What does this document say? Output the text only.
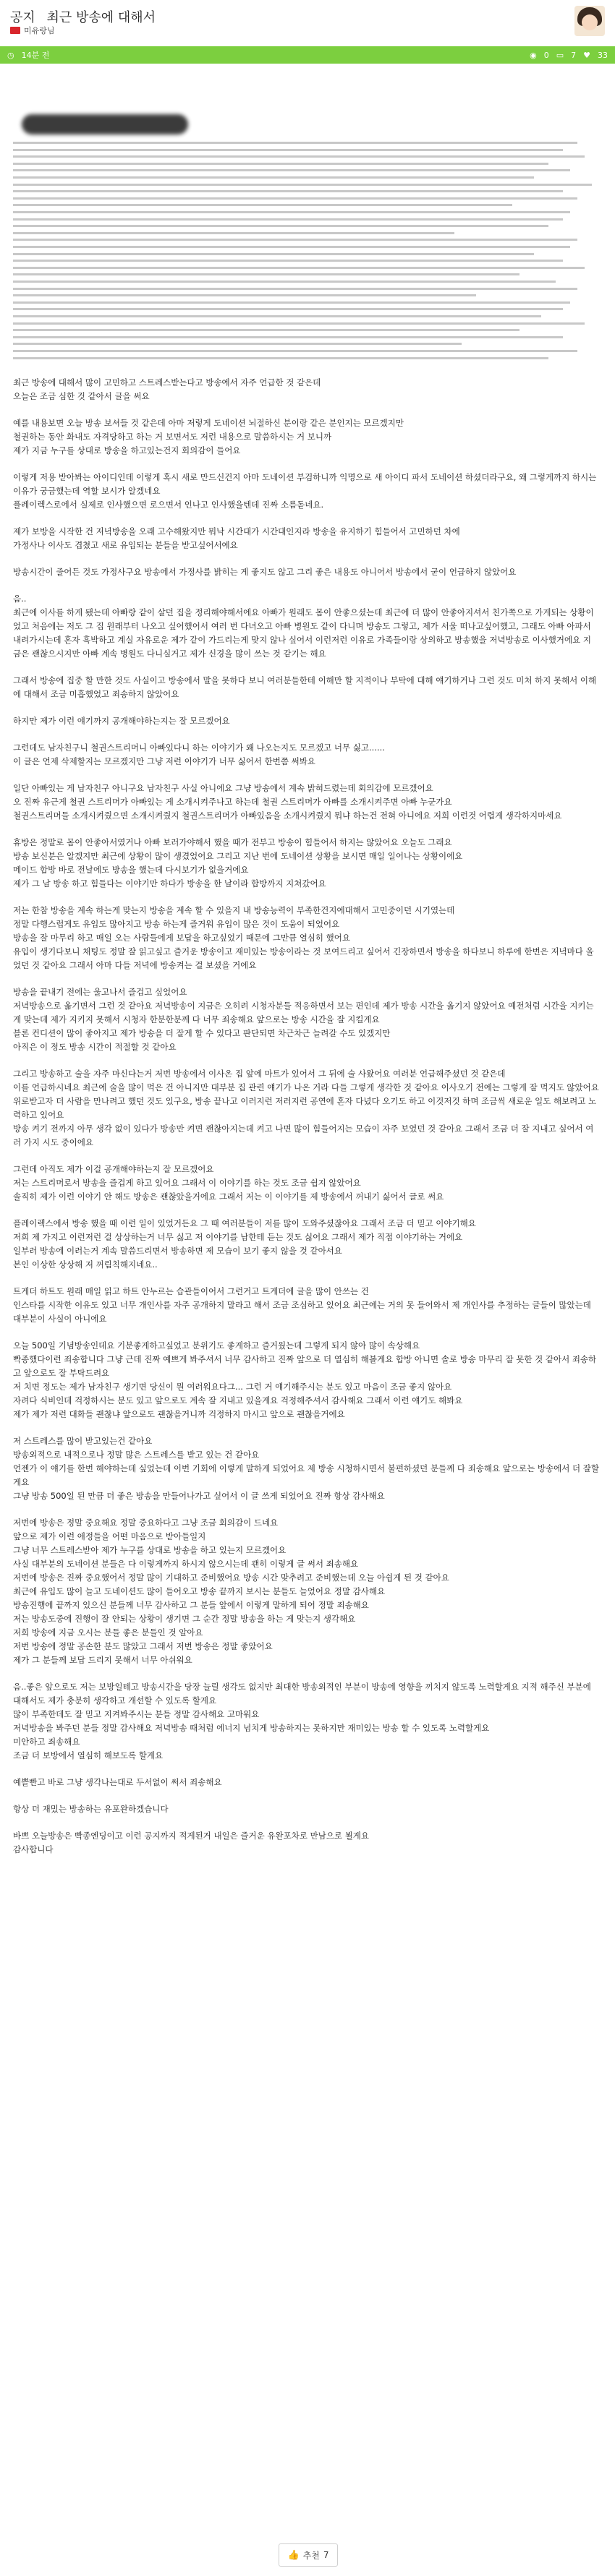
공지 최근 방송에 대해서
미유랑님
◷ 14분 전	◉ 0 ▭ 7 ♥ 33

최근 방송에 대해서 많이 고민하고 스트레스받는다고 방송에서 자주 언급한 것 같은데
오늘은 조금 심한 것 같아서 글을 써요

예를 내용보면 오늘 방송 보셔들 것 같은데 아마 저렇게 도네이션 뇌절하신 분이랑 같은 분인지는 모르겠지만
철권하는 동안 화내도 자격당하고 하는 거 보면서도 저런 내용으로 말씀하시는 거 보니까
제가 지금 누구를 상대로 방송을 하고있는건지 회의감이 들어요

이렇게 저용 받아봐는 아이디인데 이렇게 혹시 새로 만드신건지 아마 도네이션 부검하니까 익명으로 새 아이디 파서 도네이션 하셨더라구요, 왜 그렇게까지 하시는 이유가 궁금했는데 역할 보시가 알겠네요
플레이렉스로에서 실제로 인사했으면 로으면서 인나고 인사했을텐데 진짜 소름돋네요.

제가 보방을 시작한 건 저녁방송을 오래 고수해왔지만 뭐낙 시간대가 시간대인지라 방송을 유지하기 힘들어서 고민하던 차에
가정사나 이사도 겹쳤고 새로 유입되는 분들을 받고싶어서에요

방송시간이 줄어든 것도 가정사구요 방송에서 가정사를 밝히는 게 좋지도 않고 그리 좋은 내용도 아니어서 방송에서 굳이 언급하지 않았어요

음..
최근에 이사를 하게 됐는데 아빠랑 같이 살던 집을 정리해야해서에요 아빠가 원래도 몸이 안좋으셨는데 최근에 더 많이 안좋아지셔서 친가쪽으로 가게되는 상황이었고 처음에는 저도 그 집 원래부터 나오고 싶어했어서 여러 번 다녀오고 아빠 병원도 같이 다니며 방송도 그렇고, 제가 서울 떠나고싶어했고, 그래도 아빠 아파서 내려가시는데 혼자 흑박하고 계실 자유로운 제가 같이 가드리는게 맞지 않나 싶어서 이런저런 이유로 가족들이랑 상의하고 방송했을 저녁방송로 이사했거에요 지금은 괜찮으시지만 아빠 계속 병원도 다니실거고 제가 신경을 많이 쓰는 것 같기는 해요

그래서 방송에 집중 할 만한 것도 사실이고 방송에서 말을 못하다 보니 여러분들한테 이해만 할 지적이나 부탁에 대해 얘기하거나 그런 것도 미처 하지 못해서 이해에 대해서 조금 미흡했었고 죄송하지 않았어요

하지만 제가 이런 얘기까지 공개해야하는지는 잘 모르겠어요

그런데도 남자친구니 철권스트리머니 아빠있다니 하는 이야기가 왜 나오는지도 모르겠고 너무 싫고......
이 글은 언제 삭제할지는 모르겠지만 그냥 저런 이야기가 너무 싫어서 한번쯤 써봐요

일단 아빠있는 게 남자친구 아니구요 남자친구 사실 아니에요 그냥 방송에서 계속 밝혀드렸는데 회의감에 모르겠어요
오 진짜 유근게 철권 스트리머가 아빠있는 게 소개시켜주나고 하는데 철권 스트리머가 아빠를 소개시켜주면 아빠 누군가요
철권스트리머들 소개시켜줬으면 소개시켜줬지 철권스트리머가 아빠있음을 소개시켜줬지 뭐냐 하는건 전혀 아니에요 저희 이런것 어렵게 생각하지마세요

휴방은 정말로 몸이 안좋아서였거나 아빠 보러가야해서 했을 때가 전부고 방송이 힘들어서 하지는 않았어요 오늘도 그래요
방송 보신분은 알겠지만 최근에 상황이 많이 생겼었어요 그리고 지난 번에 도네이션 상황을 보시면 매일 일어나는 상황이에요
메이드 합방 바로 전날에도 방송을 했는데 다시보기가 없을거에요
제가 그 날 방송 하고 힘들다는 이야기만 하다가 방송을 한 날이라 합방까지 지쳐갔어요

저는 한참 방송을 계속 하는게 맞는지 방송을 계속 할 수 있을지 내 방송능력이 부족한건지에대해서 고민중이던 시기였는데
정말 다행스럽게도 유입도 많아지고 방송 하는게 즐거워 유입이 많은 것이 도움이 되었어요
방송을 잘 마무리 하고 매일 오는 사람들에게 보답을 하고싶었기 때문에 그만큼 열심히 했어요
유입이 생기다보니 채팅도 정말 잘 읽고싶고 즐거운 방송이고 재미있는 방송이라는 것 보여드리고 싶어서 긴장하면서 방송을 하다보니 하루에 한번은 저녁마다 울었던 것 같아요 그래서 아마 다들 저녁에 방송켜는 걸 보셨을 거에요

방송을 끝내기 전에는 울고나서 즐겁고 싶었어요
저녁방송으로 옮기면서 그런 것 같아요 저녁방송이 지금은 오히려 시청자분들 적응하면서 보는 편인데 제가 방송 시간을 옮기지 않았어요 예전처럼 시간을 지키는 게 맞는데 제가 지키지 못해서 시청자 한분한분께 다 너무 죄송해요 앞으로는 방송 시간을 잘 지킬게요
블론 컨디션이 많이 좋아지고 제가 방송을 더 잘게 할 수 있다고 판단되면 차근차근 늘려갈 수도 있겠지만
아직은 이 정도 방송 시간이 적절할 것 같아요

그리고 방송하고 술을 자주 마신다는거 저번 방송에서 이사온 집 앞에 마트가 있어서 그 뒤에 술 사왔어요 여러분 언급해주셨던 것 같은데
이를 언급하시네요 최근에 술을 많이 먹은 건 아니지만 대부분 집 관련 얘기가 나온 거라 다들 그렇게 생각한 것 같아요 이사오기 전에는 그렇게 잘 먹지도 않았어요
위로받고자 더 사람을 만나려고 했던 것도 있구요, 방송 끝나고 이러지런 저러지런 공연에 혼자 다녔다 오기도 하고 이것저것 하며 조금씩 새로운 일도 해보려고 노력하고 있어요
방송 켜기 전까지 아무 생각 없이 있다가 방송만 켜면 괜찮아지는데 켜고 나면 많이 힘들어지는 모습이 자주 보였던 것 같아요 그래서 조금 더 잘 지내고 싶어서 여러 가지 시도 중이에요

그런데 아직도 제가 이걸 공개해야하는지 잘 모르겠어요
저는 스트리머로서 방송을 즐겁게 하고 있어요 그래서 이 이야기를 하는 것도 조금 쉽지 않았어요
솔직히 제가 이런 이야기 안 해도 방송은 괜찮았을거에요 그래서 저는 이 이야기를 제 방송에서 꺼내기 싫어서 글로 써요

플레이렉스에서 방송 했을 때 이런 일이 있었거든요 그 때 여러분들이 저를 많이 도와주셨잖아요 그래서 조금 더 믿고 이야기해요
저희 제 가지고 이런저런 걸 상상하는거 너무 싫고 저 이야기를 남한테 듣는 것도 싫어요 그래서 제가 직접 이야기하는 거에요
일부러 방송에 이러는거 계속 말씀드리면서 방송하면 제 모습이 보기 좋지 않을 것 같아서요
본인 이상한 상상해 저 꺼림칙해지네요..

트게더 하트도 원래 매일 읽고 하트 안누르는 습관들이어서 그런거고 트게더에 글을 많이 안쓰는 건
인스타를 시작한 이유도 있고 너무 개인사를 자주 공개하지 말라고 해서 조금 조심하고 있어요 최근에는 거의 못 들어와서 제 개인사를 추정하는 글들이 많았는데 대부분이 사실이 아니에요

오늘 500일 기념방송인데요 기분좋게하고싶었고 분위기도 좋게하고 즐거웠는데 그렇게 되지 않아 많이 속상해요
빡종했다이런 죄송합니다 그냥 근데 진짜 예쁘게 봐주셔서 너무 감사하고 진짜 앞으로 더 열심히 해볼게요 합방 아니면 솔로 방송 마무리 잘 못한 것 같아서 죄송하고 앞으로도 잘 부탁드려요
저 치면 정도는 제가 남자친구 생기면 당신이 뭔 여러워요다그... 그런 거 얘기해주시는 분도 있고 마음이 조금 좋지 않아요
자려다 식비인데 걱정하시는 분도 있고 앞으로도 계속 잘 지내고 있을게요 걱정해주셔서 감사해요 그래서 이런 얘기도 해봐요
제가 제가 저런 대화들 괜찮냐 앞으로도 괜찮을거니까 걱정하지 마시고 앞으로 괜찮을거에요

저 스트레스를 많이 받고있는건 같아요
방송외적으로 내적으로나 정말 많은 스트레스를 받고 있는 건 같아요
언젠가 이 얘기를 한번 해야하는데 싶었는데 이번 기회에 이렇게 말하게 되었어요 제 방송 시청하시면서 불편하셨던 분들께 다 죄송해요 앞으로는 방송에서 더 잘할게요
그냥 방송 500일 된 만큼 더 좋은 방송을 만들어나가고 싶어서 이 글 쓰게 되었어요 진짜 항상 감사해요

저번에 방송은 정말 중요해요 정말 중요하다고 그냥 조금 회의감이 드네요
앞으로 제가 이런 애정들을 어떤 마음으로 받아들일지
그냥 너무 스트레스받아 제가 누구를 상대로 방송을 하고 있는지 모르겠어요
사실 대부분의 도네이션 분들은 다 이렇게까지 하시지 않으시는데 괜히 이렇게 글 써서 죄송해요
저번에 방송은 진짜 중요했어서 정말 많이 기대하고 준비했어요 방송 시간 맞추려고 준비했는데 오늘 아쉽게 된 것 같아요
최근에 유입도 많이 늘고 도네이션도 많이 들어오고 방송 끝까지 보시는 분들도 늘었어요 정말 감사해요
방송진행에 끝까지 있으신 분들께 너무 감사하고 그 분들 앞에서 이렇게 말하게 되어 정말 죄송해요
저는 방송도중에 진행이 잘 안되는 상황이 생기면 그 순간 정말 방송을 하는 게 맞는지 생각해요
저희 방송에 지금 오시는 분들 좋은 분들인 것 알아요
저번 방송에 정말 공손한 분도 많았고 그래서 저번 방송은 정말 좋았어요
제가 그 분들께 보답 드리지 못해서 너무 아쉬워요

음..좋은 앞으로도 저는 보방일테고 방송시간을 당장 늘릴 생각도 없지만 최대한 방송외적인 부분이 방송에 영향을 끼치지 않도록 노력할게요 지적 해주신 부분에 대해서도 제가 충분히 생각하고 개선할 수 있도록 할게요
많이 부족한데도 잘 믿고 지켜봐주시는 분들 정말 감사해요 고마워요
저녁방송을 봐주던 분들 정말 감사해요 저녁방송 때처럼 에너지 넘치게 방송하지는 못하지만 재미있는 방송 할 수 있도록 노력할게요
미안하고 죄송해요
조금 더 보방에서 열심히 해보도록 할게요

예쁠빤고 바로 그냥 생각나는대로 두서없이 써서 죄송해요

항상 더 재밌는 방송하는 유포완하겠습니다

바쁘 오늘방송은 빡종엔딩이고 이런 공지까지 적게된거 내일은 즐거운 유완포차로 만남으로 뵐게요
감사합니다

👍 추천 7
